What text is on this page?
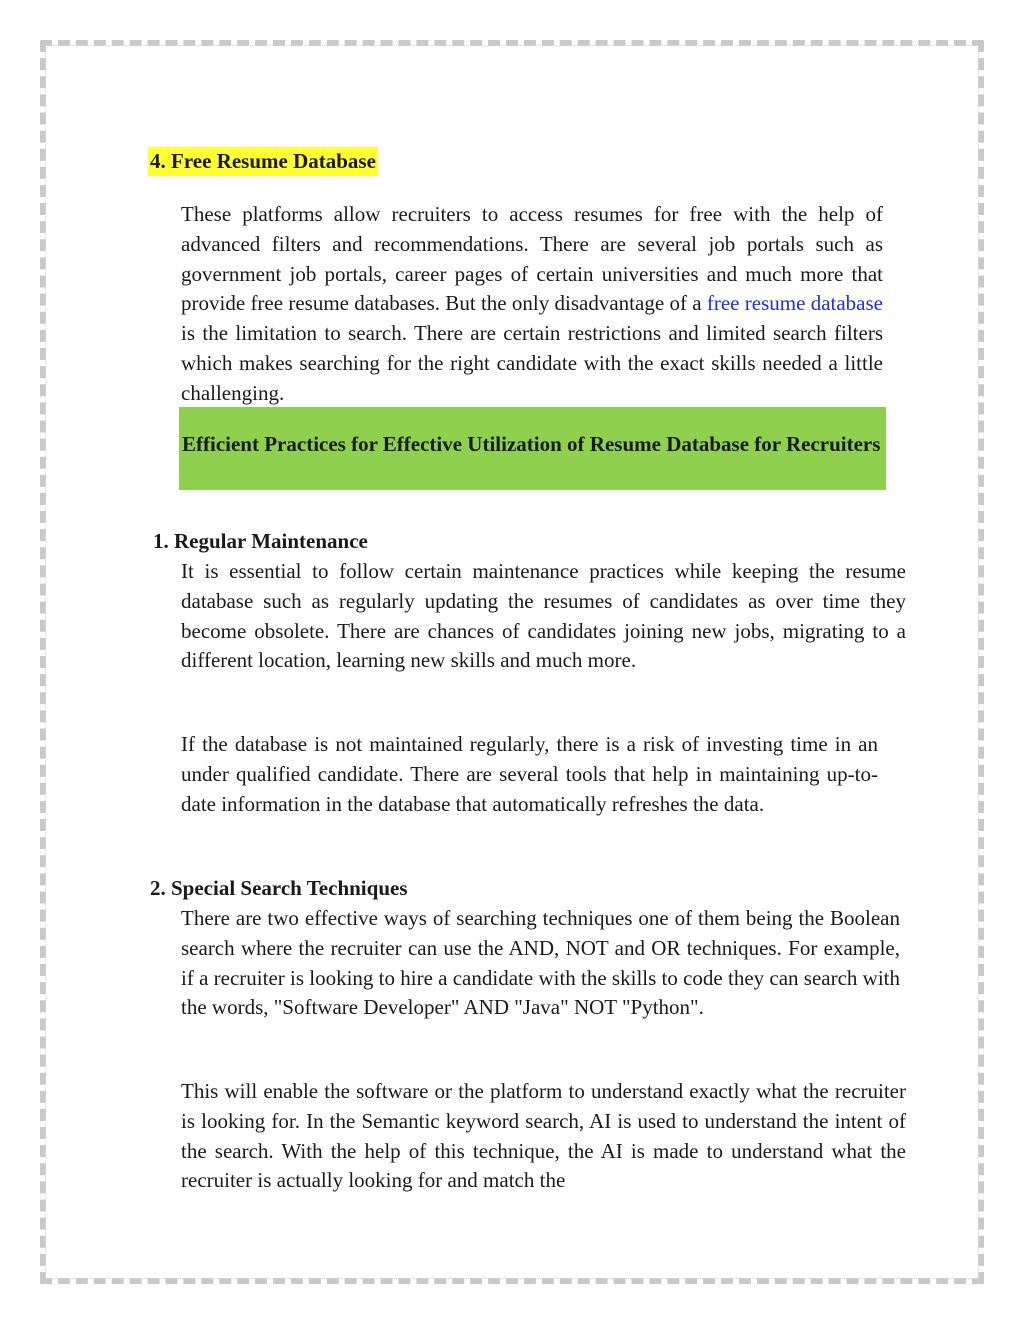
4. Free Resume Database

These platforms allow recruiters to access resumes for free with the help of advanced filters and recommendations. There are several job portals such as government job portals, career pages of certain universities and much more that provide free resume databases. But the only disadvantage of a free resume database is the limitation to search. There are certain restrictions and limited search filters which makes searching for the right candidate with the exact skills needed a little challenging.

Efficient Practices for Effective Utilization of Resume Database for Recruiters

1. Regular Maintenance

It is essential to follow certain maintenance practices while keeping the resume database such as regularly updating the resumes of candidates as over time they become obsolete. There are chances of candidates joining new jobs, migrating to a different location, learning new skills and much more.

If the database is not maintained regularly, there is a risk of investing time in an under qualified candidate. There are several tools that help in maintaining up-to-date information in the database that automatically refreshes the data.

2. Special Search Techniques

There are two effective ways of searching techniques one of them being the Boolean search where the recruiter can use the AND, NOT and OR techniques. For example, if a recruiter is looking to hire a candidate with the skills to code they can search with the words, "Software Developer" AND "Java" NOT "Python".

This will enable the software or the platform to understand exactly what the recruiter is looking for. In the Semantic keyword search, AI is used to understand the intent of the search. With the help of this technique, the AI is made to understand what the recruiter is actually looking for and match the
